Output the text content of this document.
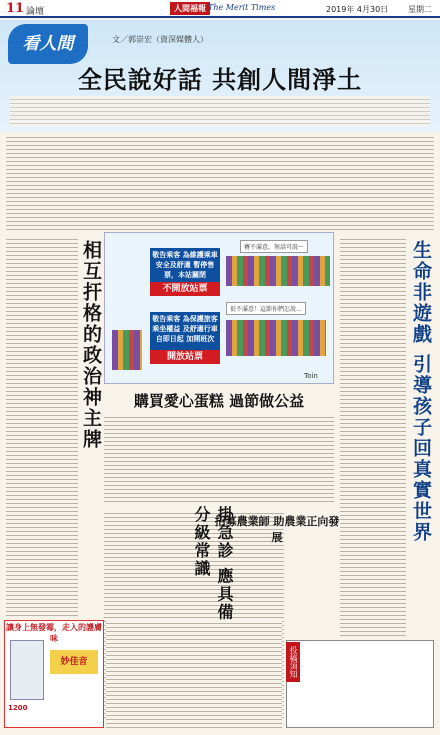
11 論壇	人間福報 The Merit Times	2019年 4月30日 星期二
看人間	文／郭崇宏（資深媒體人）
全民說好話 共創人間淨土
相互扞格的政治神主牌	生命非遊戲 引導孩子回真實世界
掛急診 應具備分級常識
敬告乘客 為維護乘車安全及舒適 暫停售票，本站關閉
不開放站票
敬告乘客 為保護旅客乘坐權益 及舒適行車自即日起 加開班次
開放站票
賽不滿意，無話可說～
很不滿意！這節你們怎說…
Toin
購買愛心蛋糕 過節做公益
招募農業師 助農業正向發展
讓身上無發霉，走入的護膚味
妙佳音
1200
投稿須知
